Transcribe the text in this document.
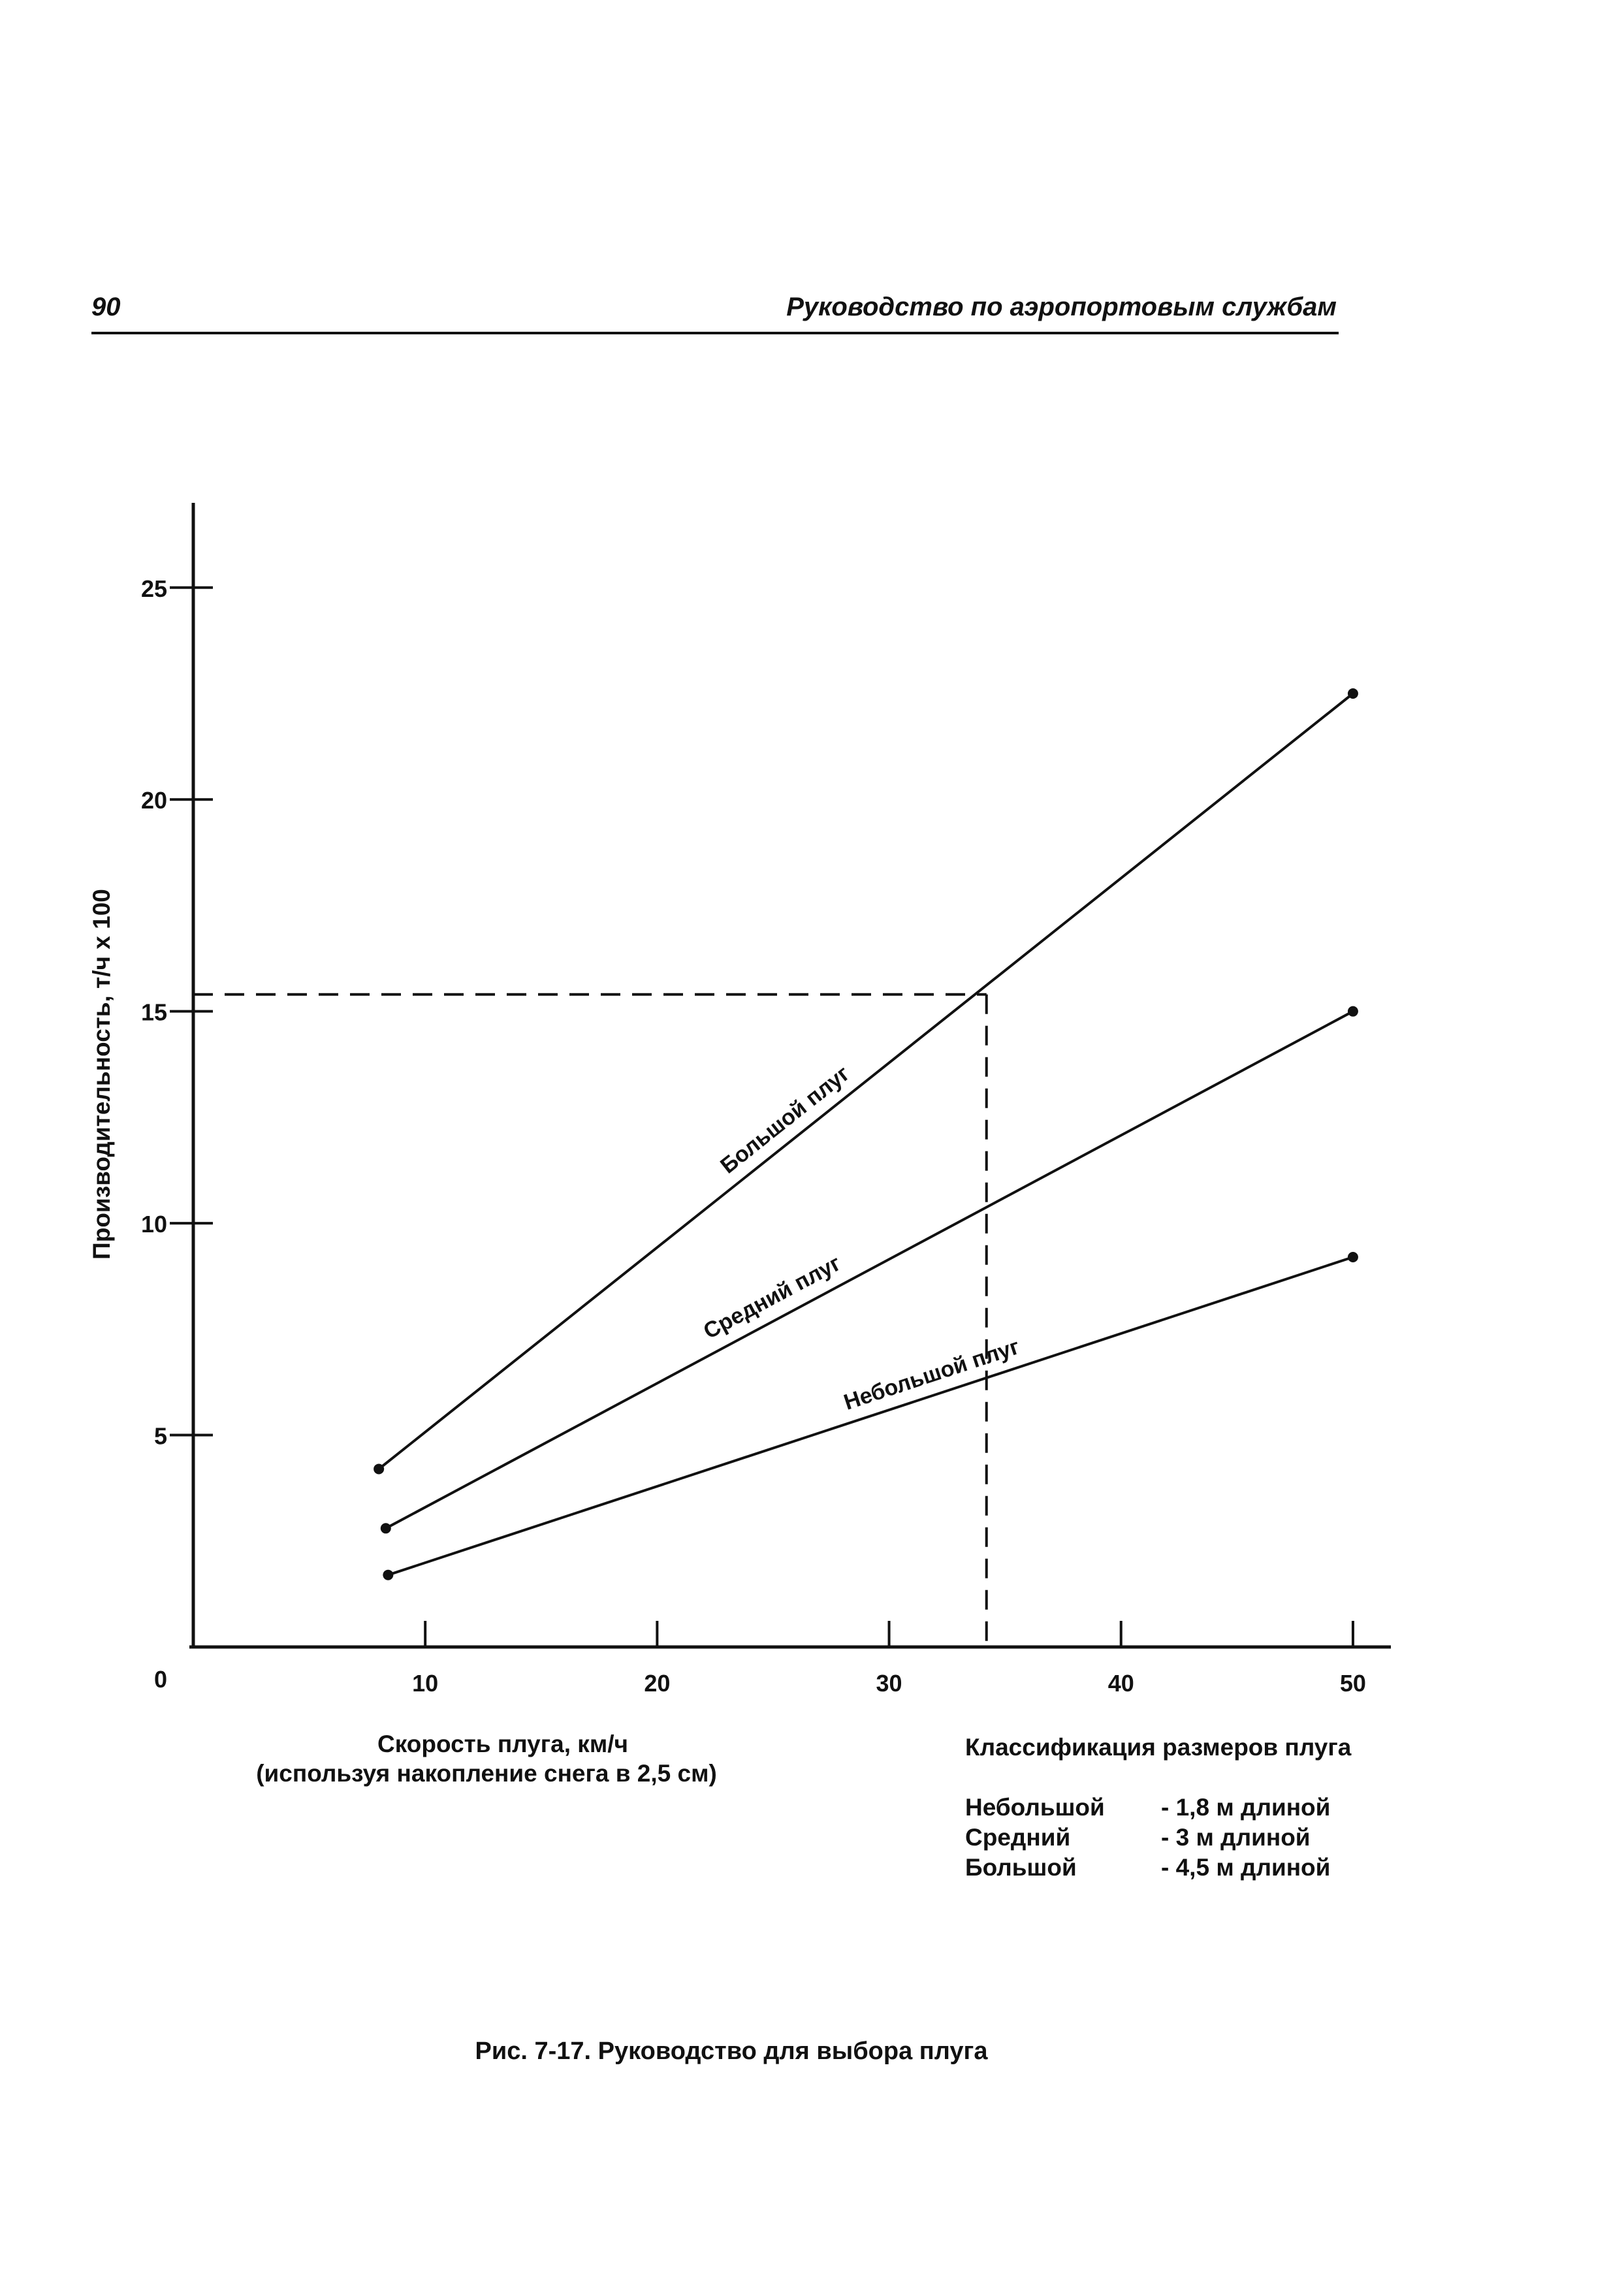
90	Руководство по аэропортовым службам
0
5
10
15
20
25
10	20	30	40	50
Большой плуг
Средний плуг
Небольшой плуг
Производительность, т/ч x 100
Скорость плуга, км/ч
(используя накопление снега в 2,5 см)
Классификация размеров плуга
Небольшой	- 1,8 м длиной
Средний	- 3 м длиной
Большой	- 4,5 м длиной
Рис. 7-17. Руководство для выбора плуга
